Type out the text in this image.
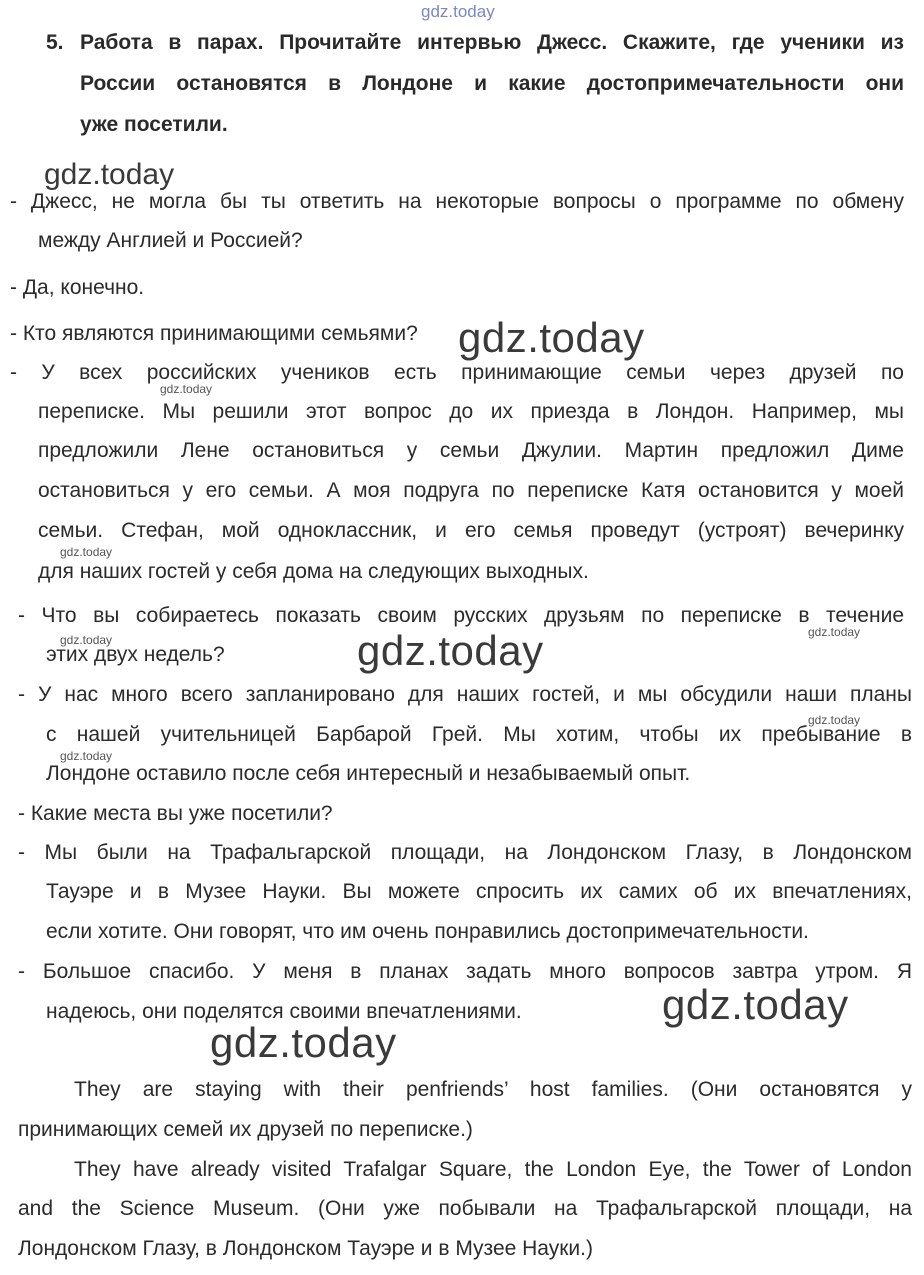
gdz.today
5. Работа в парах. Прочитайте интервью Джесс. Скажите, где ученики из
России остановятся в Лондоне и какие достопримечательности они
уже посетили.
- Джесс, не могла бы ты ответить на некоторые вопросы о программе по обмену
между Англией и Россией?
- Да, конечно.
- Кто являются принимающими семьями?
- У всех российских учеников есть принимающие семьи через друзей по
переписке. Мы решили этот вопрос до их приезда в Лондон. Например, мы
предложили Лене остановиться у семьи Джулии. Мартин предложил Диме
остановиться у его семьи. А моя подруга по переписке Катя остановится у моей
семьи. Стефан, мой одноклассник, и его семья проведут (устроят) вечеринку
для наших гостей у себя дома на следующих выходных.
- Что вы собираетесь показать своим русских друзьям по переписке в течение
этих двух недель?
- У нас много всего запланировано для наших гостей, и мы обсудили наши планы
с нашей учительницей Барбарой Грей. Мы хотим, чтобы их пребывание в
Лондоне оставило после себя интересный и незабываемый опыт.
- Какие места вы уже посетили?
- Мы были на Трафальгарской площади, на Лондонском Глазу, в Лондонском
Тауэре и в Музее Науки. Вы можете спросить их самих об их впечатлениях,
если хотите. Они говорят, что им очень понравились достопримечательности.
- Большое спасибо. У меня в планах задать много вопросов завтра утром. Я
надеюсь, они поделятся своими впечатлениями.
They are staying with their penfriends’ host families. (Они остановятся у
принимающих семей их друзей по переписке.)
They have already visited Trafalgar Square, the London Eye, the Tower of London
and the Science Museum. (Они уже побывали на Трафальгарской площади, на
Лондонском Глазу, в Лондонском Тауэре и в Музее Науки.)
gdz.today
gdz.today
gdz.today
gdz.today
gdz.today
gdz.today
gdz.today
gdz.today
gdz.today
gdz.today
gdz.today
